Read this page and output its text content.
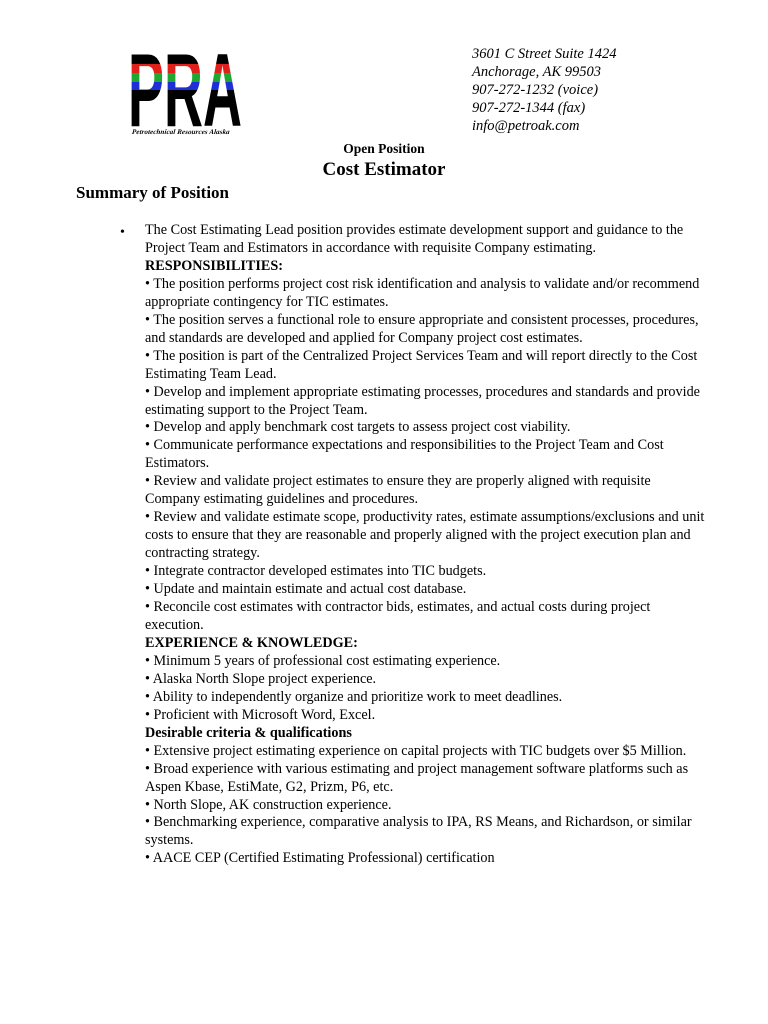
Petrotechnical Resources Alaska
3601 C Street Suite 1424
Anchorage, AK 99503
907-272-1232 (voice)
907-272-1344 (fax)
info@petroak.com
Open Position
Cost Estimator
Summary of Position
• The Cost Estimating Lead position provides estimate development support and guidance to the Project Team and Estimators in accordance with requisite Company estimating.

RESPONSIBILITIES:

• The position performs project cost risk identification and analysis to validate and/or recommend appropriate contingency for TIC estimates.

• The position serves a functional role to ensure appropriate and consistent processes, procedures, and standards are developed and applied for Company project cost estimates.

• The position is part of the Centralized Project Services Team and will report directly to the Cost Estimating Team Lead.

• Develop and implement appropriate estimating processes, procedures and standards and provide estimating support to the Project Team.

• Develop and apply benchmark cost targets to assess project cost viability.

• Communicate performance expectations and responsibilities to the Project Team and Cost Estimators.

• Review and validate project estimates to ensure they are properly aligned with requisite Company estimating guidelines and procedures.

• Review and validate estimate scope, productivity rates, estimate assumptions/exclusions and unit costs to ensure that they are reasonable and properly aligned with the project execution plan and contracting strategy.

• Integrate contractor developed estimates into TIC budgets.

• Update and maintain estimate and actual cost database.

• Reconcile cost estimates with contractor bids, estimates, and actual costs during project execution.

EXPERIENCE & KNOWLEDGE:

• Minimum 5 years of professional cost estimating experience.

• Alaska North Slope project experience.

• Ability to independently organize and prioritize work to meet deadlines.

• Proficient with Microsoft Word, Excel.

Desirable criteria & qualifications

• Extensive project estimating experience on capital projects with TIC budgets over $5 Million.

• Broad experience with various estimating and project management software platforms such as Aspen Kbase, EstiMate, G2, Prizm, P6, etc.

• North Slope, AK construction experience.

• Benchmarking experience, comparative analysis to IPA, RS Means, and Richardson, or similar systems.

• AACE CEP (Certified Estimating Professional) certification
